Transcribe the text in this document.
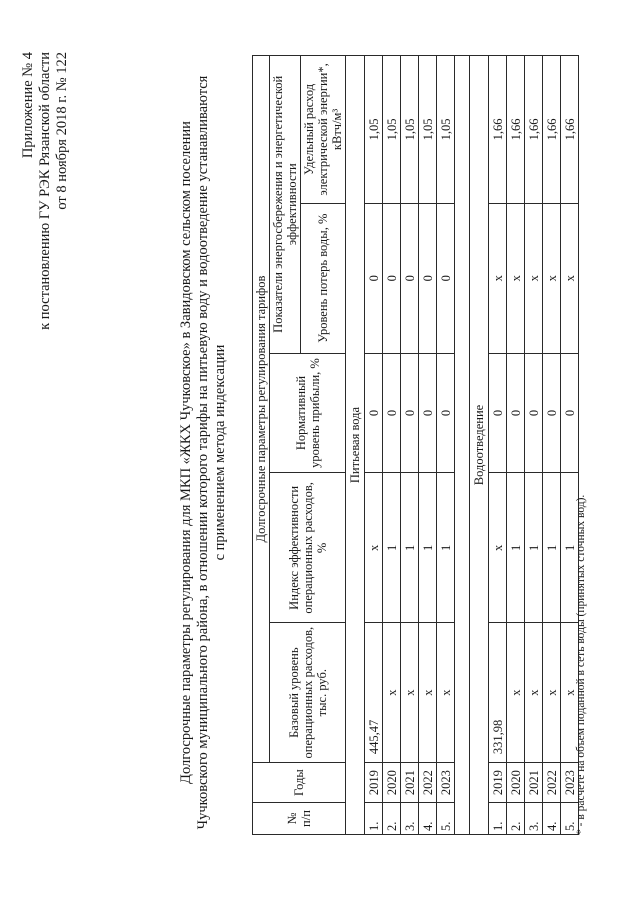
Приложение № 4 к постановлению ГУ РЭК Рязанской области от 8 ноября 2018 г. № 122	Долгосрочные параметры регулирования для МКП «ЖКХ Чучковское» в Завидовском сельском поселении Чучковского муниципального района, в отношении которого тарифы на питьевую воду и водоотведение устанавливаются с применением метода индексации
№ п/п	Годы	Долгосрочные параметры регулирования тарифов				
		Базовый уровень операционных расходов, тыс. руб.	Индекс эффективности операционных расходов, %	Нормативный уровень прибыли, %	Показатели энергосбережения и энергетической эффективности	
					Уровень потерь воды, %	Удельный расход электрической энергии*, кВтч/м³
Питьевая вода						
1.	2019	445,47	x	0	0	1,05
2.	2020	x	1	0	0	1,05
3.	2021	x	1	0	0	1,05
4.	2022	x	1	0	0	1,05
5.	2023	x	1	0	0	1,05

Водоотведение						
1.	2019	331,98	x	0	x	1,66
2.	2020	x	1	0	x	1,66
3.	2021	x	1	0	x	1,66
4.	2022	x	1	0	x	1,66
5.	2023	x	1	0	x	1,66
* - в расчете на объем поданной в сеть воды (принятых сточных вод).
